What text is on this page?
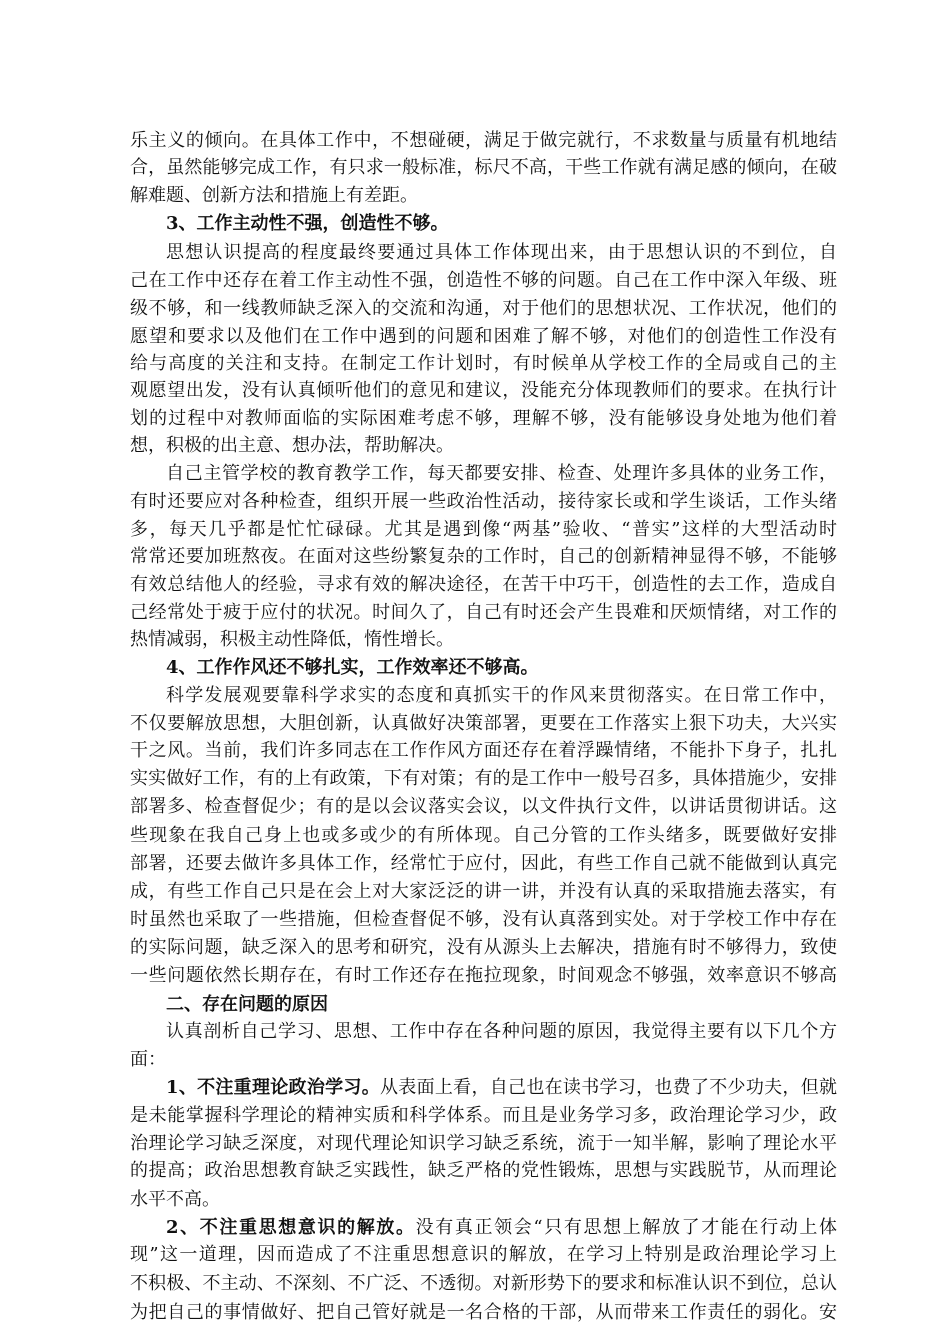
乐主义的倾向。在具体工作中，不想碰硬，满足于做完就行，不求数量与质量有机地结
合，虽然能够完成工作，有只求一般标准，标尺不高，干些工作就有满足感的倾向，在破
解难题、创新方法和措施上有差距。
3、工作主动性不强，创造性不够。
思想认识提高的程度最终要通过具体工作体现出来，由于思想认识的不到位，自
己在工作中还存在着工作主动性不强，创造性不够的问题。自己在工作中深入年级、班
级不够，和一线教师缺乏深入的交流和沟通，对于他们的思想状况、工作状况，他们的
愿望和要求以及他们在工作中遇到的问题和困难了解不够，对他们的创造性工作没有
给与高度的关注和支持。在制定工作计划时，有时候单从学校工作的全局或自己的主
观愿望出发，没有认真倾听他们的意见和建议，没能充分体现教师们的要求。在执行计
划的过程中对教师面临的实际困难考虑不够，理解不够，没有能够设身处地为他们着
想，积极的出主意、想办法，帮助解决。
自己主管学校的教育教学工作，每天都要安排、检查、处理许多具体的业务工作，
有时还要应对各种检查，组织开展一些政治性活动，接待家长或和学生谈话，工作头绪
多，每天几乎都是忙忙碌碌。尤其是遇到像“两基”验收、“普实”这样的大型活动时
常常还要加班熬夜。在面对这些纷繁复杂的工作时，自己的创新精神显得不够，不能够
有效总结他人的经验，寻求有效的解决途径，在苦干中巧干，创造性的去工作，造成自
己经常处于疲于应付的状况。时间久了，自己有时还会产生畏难和厌烦情绪，对工作的
热情减弱，积极主动性降低，惰性增长。
4、工作作风还不够扎实，工作效率还不够高。
科学发展观要靠科学求实的态度和真抓实干的作风来贯彻落实。在日常工作中，
不仅要解放思想，大胆创新，认真做好决策部署，更要在工作落实上狠下功夫，大兴实
干之风。当前，我们许多同志在工作作风方面还存在着浮躁情绪，不能扑下身子，扎扎
实实做好工作，有的上有政策，下有对策；有的是工作中一般号召多，具体措施少，安排
部署多、检查督促少；有的是以会议落实会议，以文件执行文件，以讲话贯彻讲话。这
些现象在我自己身上也或多或少的有所体现。自己分管的工作头绪多，既要做好安排
部署，还要去做许多具体工作，经常忙于应付，因此，有些工作自己就不能做到认真完
成，有些工作自己只是在会上对大家泛泛的讲一讲，并没有认真的采取措施去落实，有
时虽然也采取了一些措施，但检查督促不够，没有认真落到实处。对于学校工作中存在
的实际问题，缺乏深入的思考和研究，没有从源头上去解决，措施有时不够得力，致使
一些问题依然长期存在，有时工作还存在拖拉现象，时间观念不够强，效率意识不够高
二、存在问题的原因
认真剖析自己学习、思想、工作中存在各种问题的原因，我觉得主要有以下几个方
面：
1、不注重理论政治学习。从表面上看，自己也在读书学习，也费了不少功夫，但就
是未能掌握科学理论的精神实质和科学体系。而且是业务学习多，政治理论学习少，政
治理论学习缺乏深度，对现代理论知识学习缺乏系统，流于一知半解，影响了理论水平
的提高；政治思想教育缺乏实践性，缺乏严格的党性锻炼，思想与实践脱节，从而理论
水平不高。
2、不注重思想意识的解放。没有真正领会“只有思想上解放了才能在行动上体
现”这一道理，因而造成了不注重思想意识的解放，在学习上特别是政治理论学习上
不积极、不主动、不深刻、不广泛、不透彻。对新形势下的要求和标准认识不到位，总认
为把自己的事情做好、把自己管好就是一名合格的干部，从而带来工作责任的弱化。安
